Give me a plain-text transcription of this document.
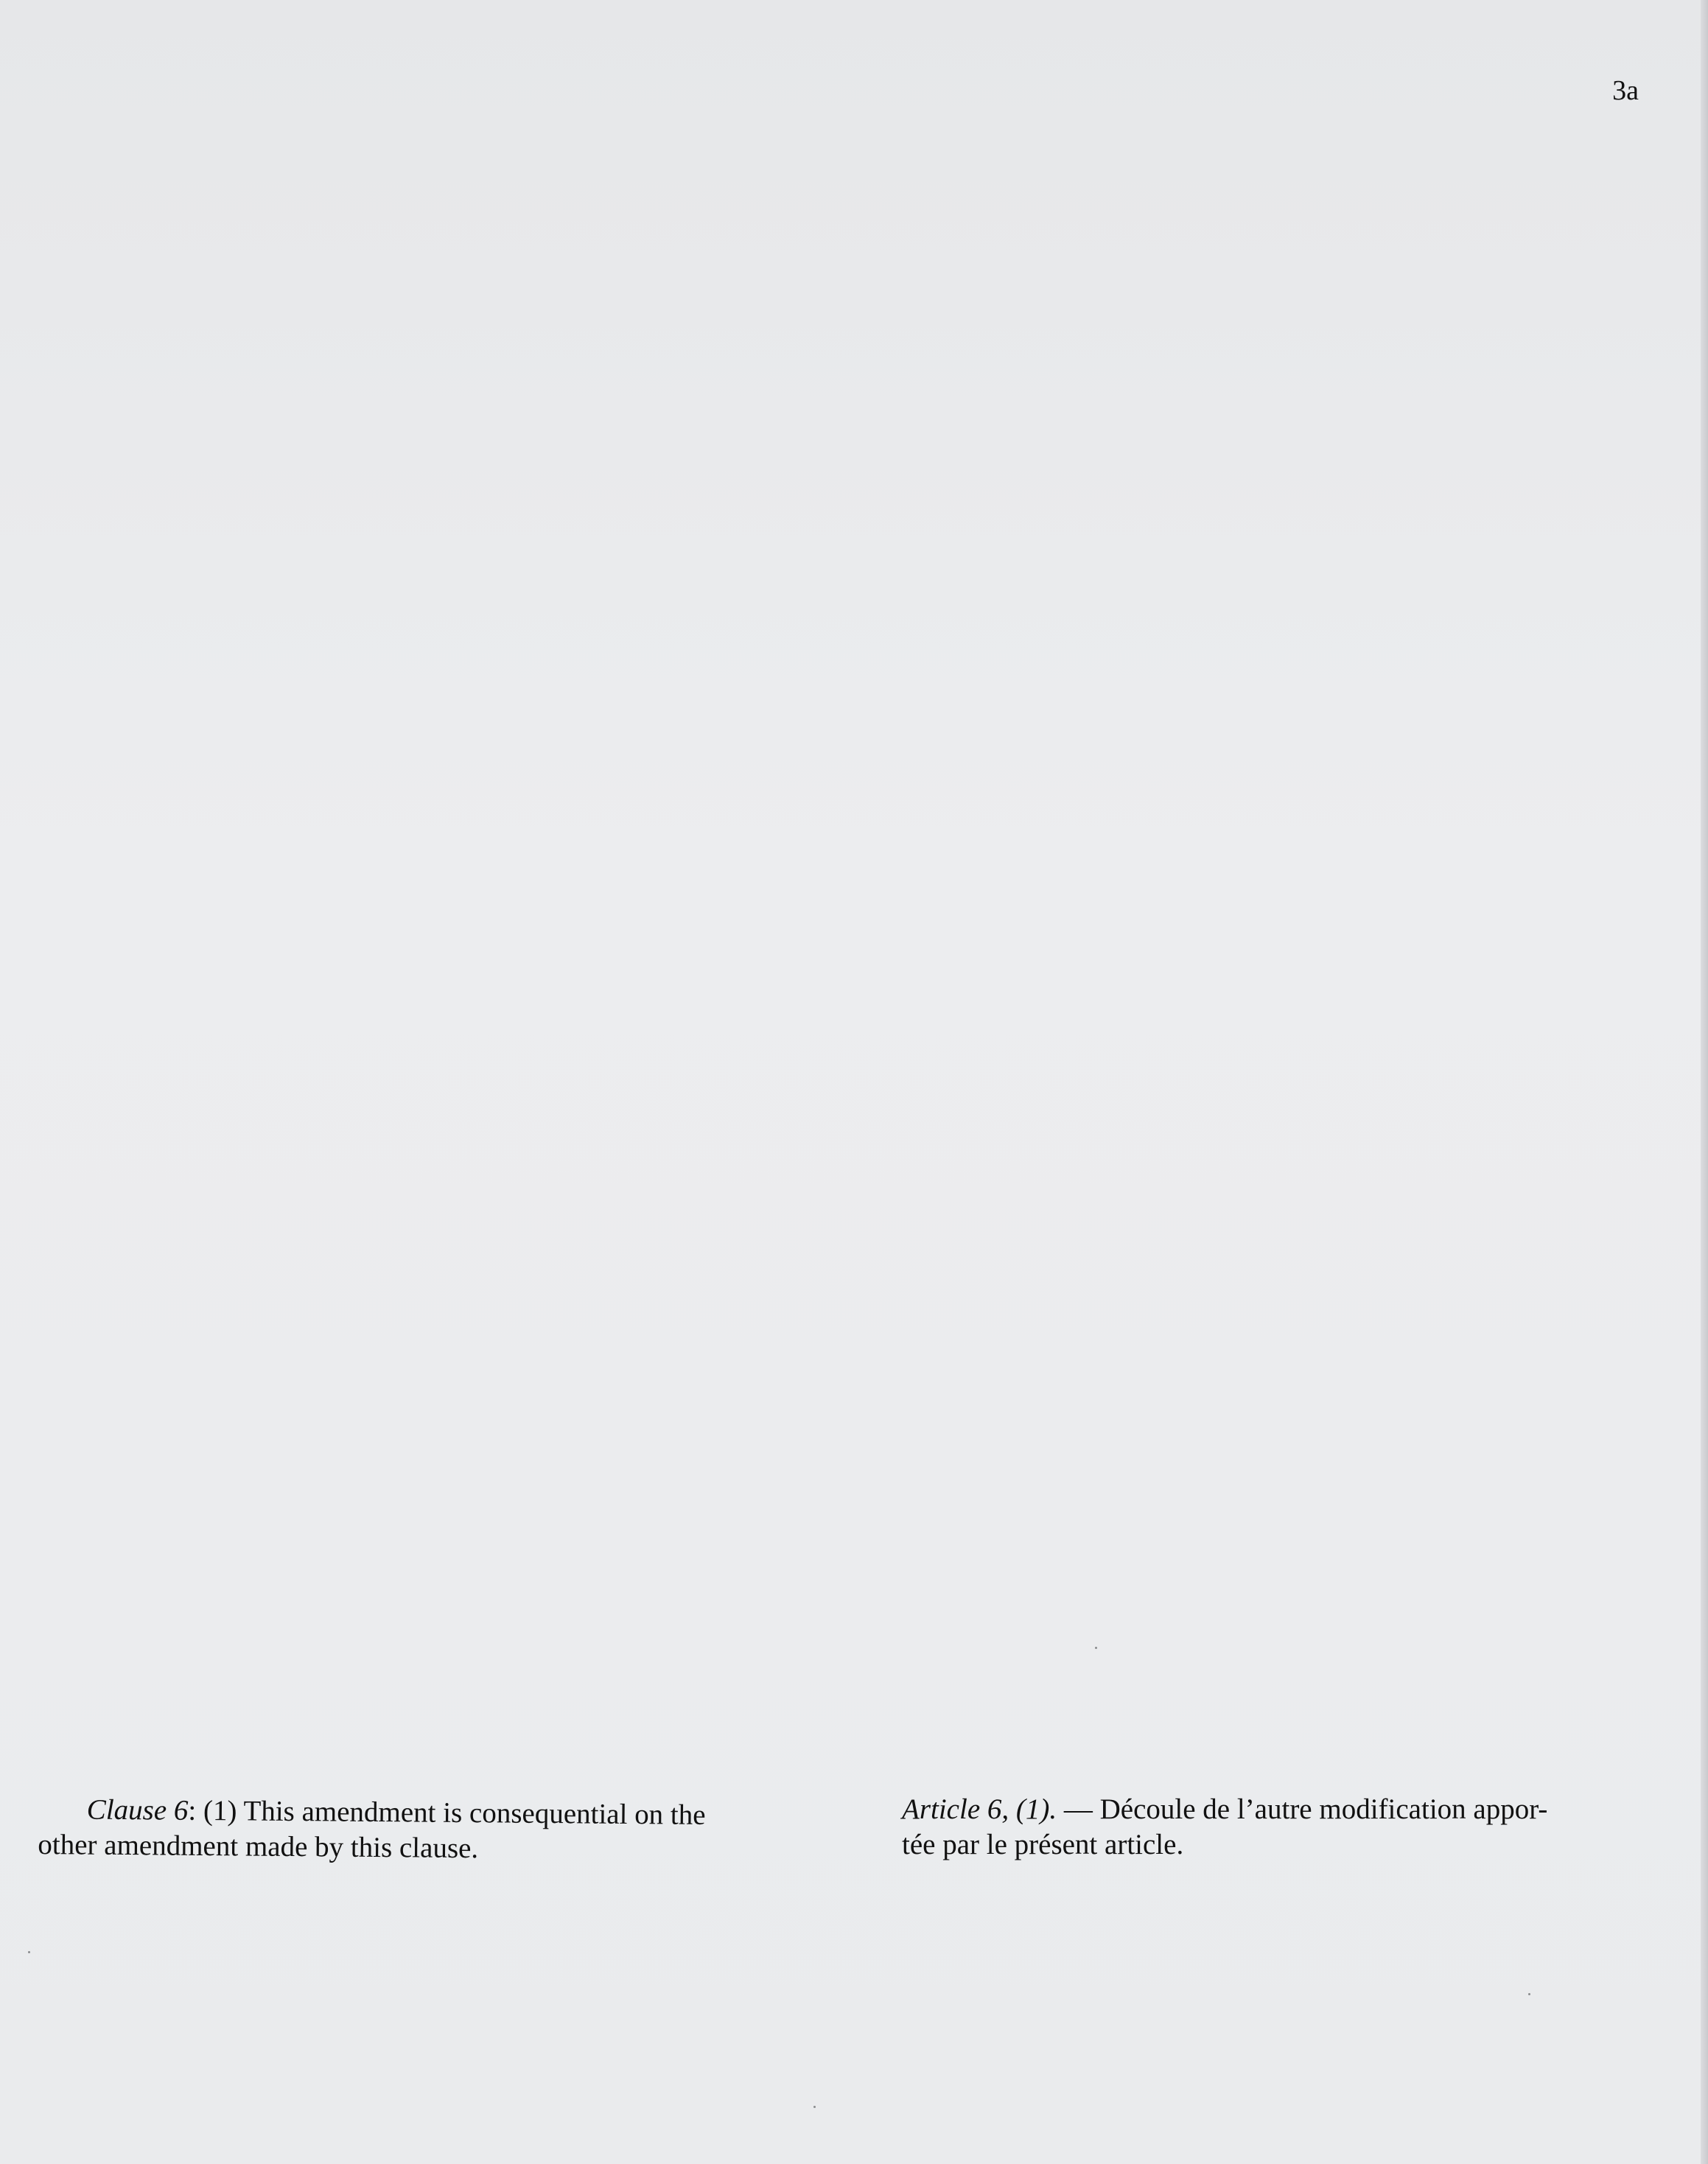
3a
Clause 6: (1) This amendment is consequential on the
other amendment made by this clause.
Article 6, (1). — Découle de l’autre modification appor-
tée par le présent article.
